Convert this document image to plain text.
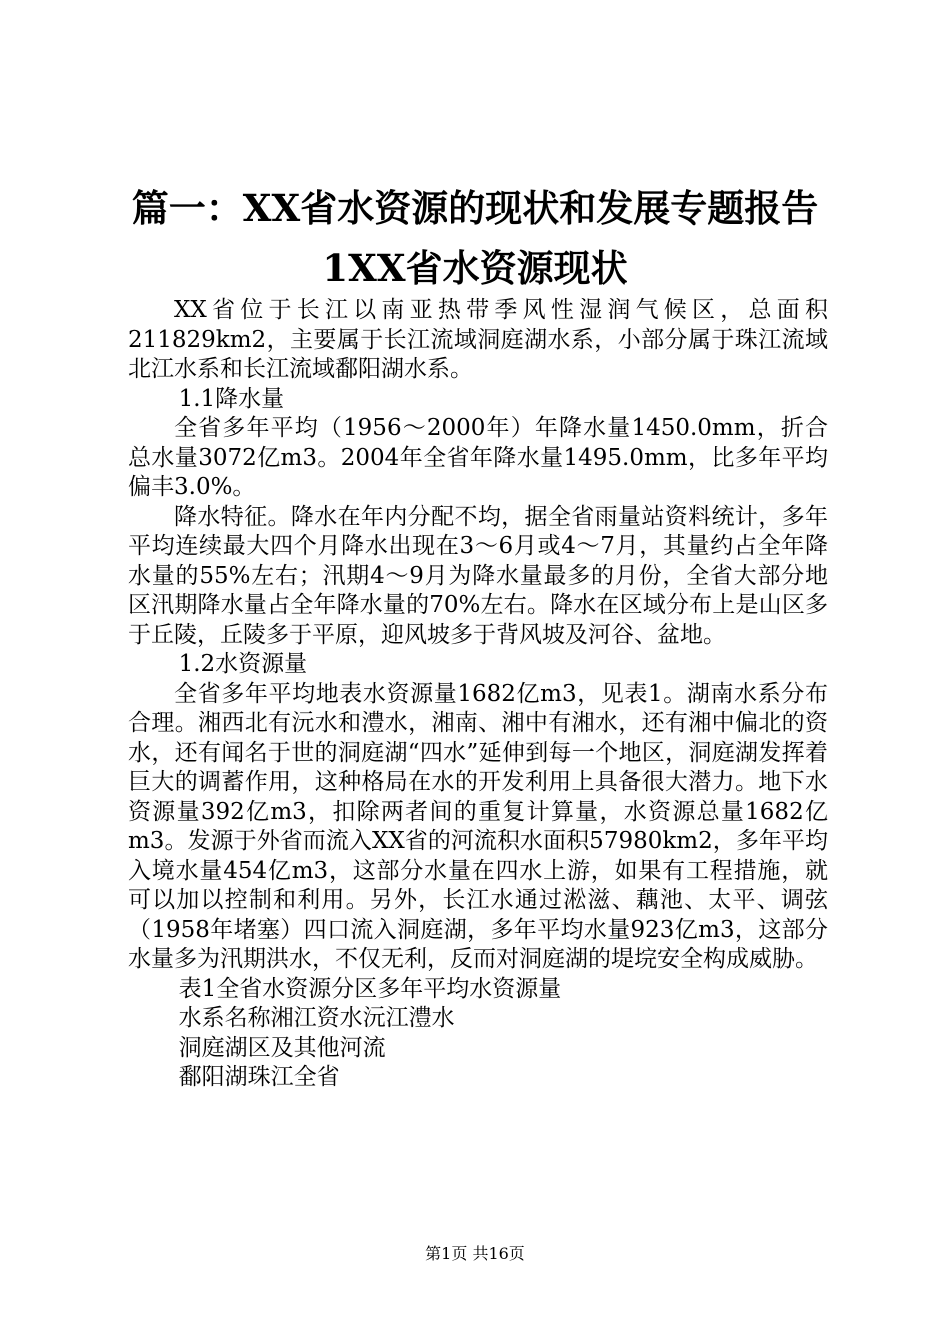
篇一：XX省水资源的现状和发展专题报告1XX省水资源现状

XX省位于长江以南亚热带季风性湿润气候区，总面积211829km2，主要属于长江流域洞庭湖水系，小部分属于珠江流域北江水系和长江流域鄱阳湖水系。

1.1降水量

全省多年平均（1956～2000年）年降水量1450.0mm，折合总水量3072亿m3。2004年全省年降水量1495.0mm，比多年平均偏丰3.0%。

降水特征。降水在年内分配不均，据全省雨量站资料统计，多年平均连续最大四个月降水出现在3～6月或4～7月，其量约占全年降水量的55%左右；汛期4～9月为降水量最多的月份，全省大部分地区汛期降水量占全年降水量的70%左右。降水在区域分布上是山区多于丘陵，丘陵多于平原，迎风坡多于背风坡及河谷、盆地。

1.2水资源量

全省多年平均地表水资源量1682亿m3，见表1。湖南水系分布合理。湘西北有沅水和澧水，湘南、湘中有湘水，还有湘中偏北的资水，还有闻名于世的洞庭湖“四水”延伸到每一个地区，洞庭湖发挥着巨大的调蓄作用，这种格局在水的开发利用上具备很大潜力。地下水资源量392亿m3，扣除两者间的重复计算量，水资源总量1682亿m3。发源于外省而流入XX省的河流积水面积57980km2，多年平均入境水量454亿m3，这部分水量在四水上游，如果有工程措施，就可以加以控制和利用。另外，长江水通过淞滋、藕池、太平、调弦（1958年堵塞）四口流入洞庭湖，多年平均水量923亿m3，这部分水量多为汛期洪水，不仅无利，反而对洞庭湖的堤垸安全构成威胁。

表1全省水资源分区多年平均水资源量

水系名称湘江资水沅江澧水

洞庭湖区及其他河流

鄱阳湖珠江全省

第1页 共16页
